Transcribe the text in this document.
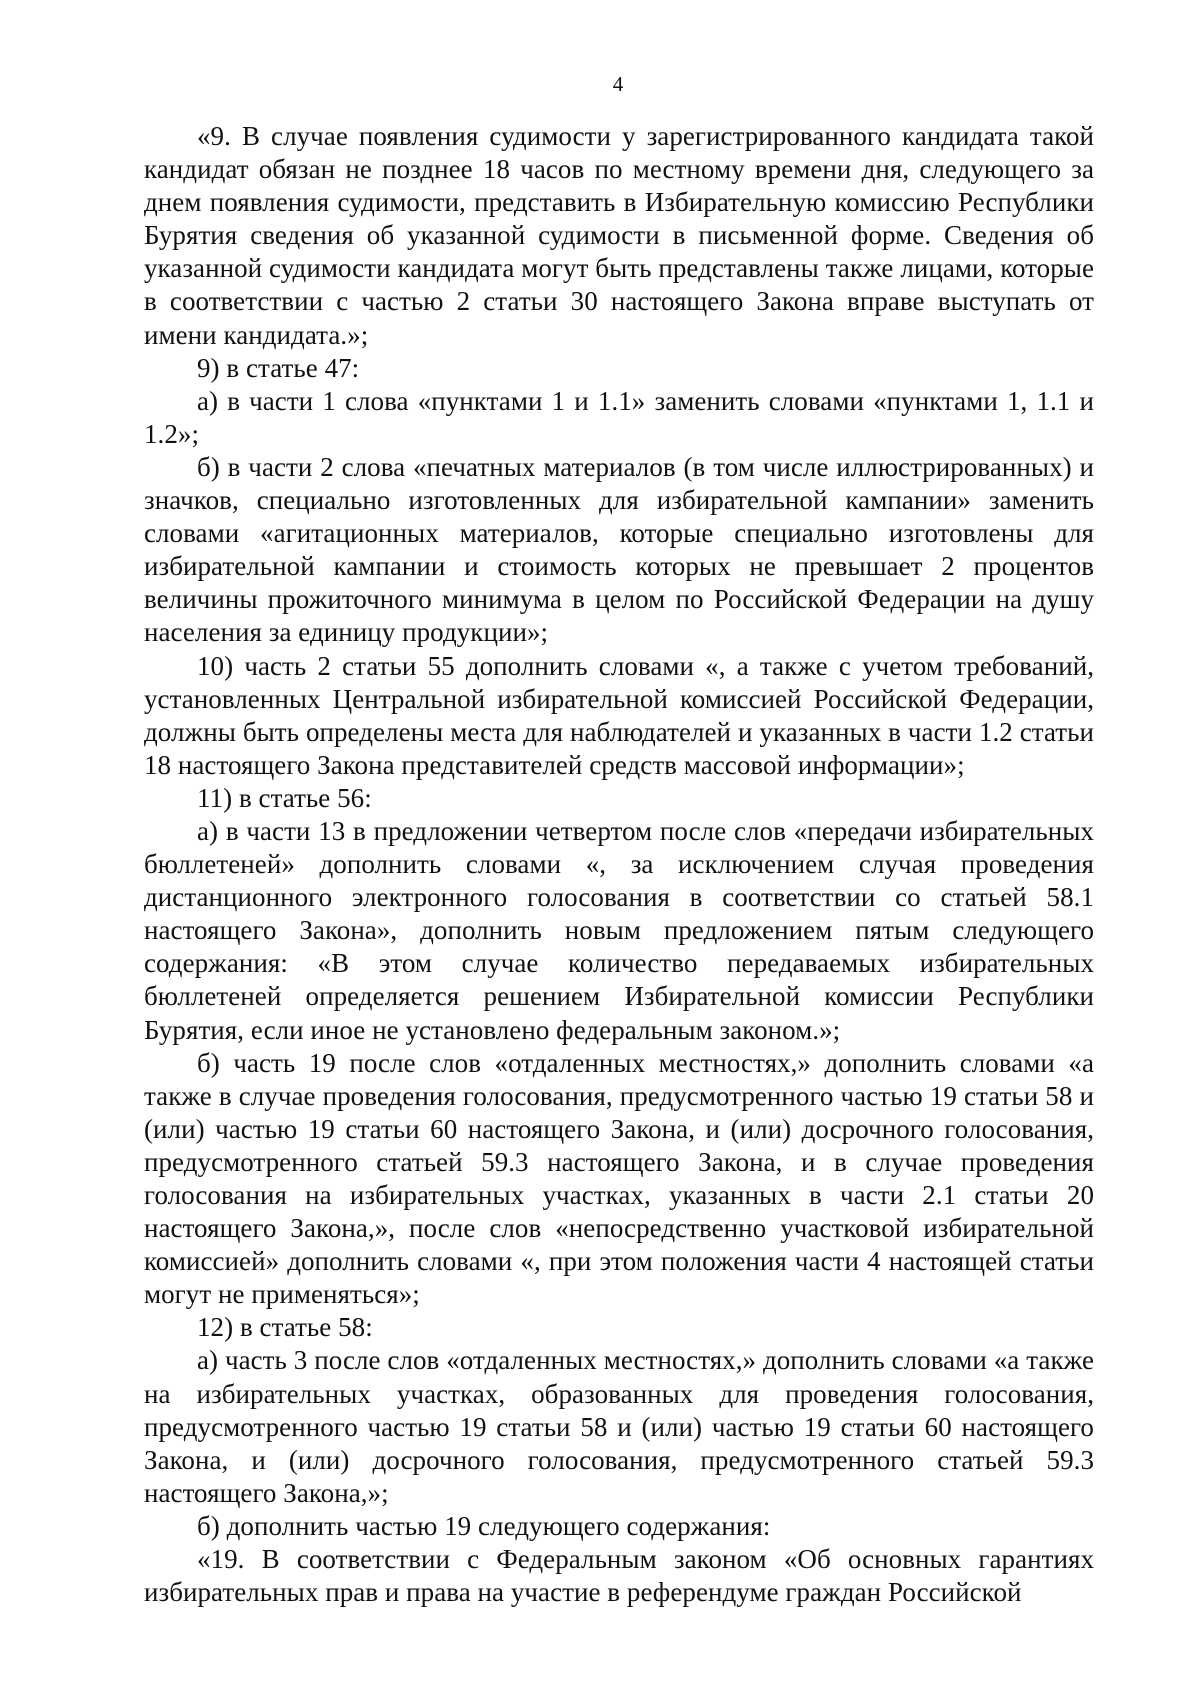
4

«9. В случае появления судимости у зарегистрированного кандидата такой кандидат обязан не позднее 18 часов по местному времени дня, следующего за днем появления судимости, представить в Избирательную комиссию Республики Бурятия сведения об указанной судимости в письменной форме. Сведения об указанной судимости кандидата могут быть представлены также лицами, которые в соответствии с частью 2 статьи 30 настоящего Закона вправе выступать от имени кандидата.»;

9) в статье 47:

а) в части 1 слова «пунктами 1 и 1.1» заменить словами «пунктами 1, 1.1 и 1.2»;

б) в части 2 слова «печатных материалов (в том числе иллюстрированных) и значков, специально изготовленных для избирательной кампании» заменить словами «агитационных материалов, которые специально изготовлены для избирательной кампании и стоимость которых не превышает 2 процентов величины прожиточного минимума в целом по Российской Федерации на душу населения за единицу продукции»;

10) часть 2 статьи 55 дополнить словами «, а также с учетом требований, установленных Центральной избирательной комиссией Российской Федерации, должны быть определены места для наблюдателей и указанных в части 1.2 статьи 18 настоящего Закона представителей средств массовой информации»;

11) в статье 56:

а) в части 13 в предложении четвертом после слов «передачи избирательных бюллетеней» дополнить словами «, за исключением случая проведения дистанционного электронного голосования в соответствии со статьей 58.1 настоящего Закона», дополнить новым предложением пятым следующего содержания: «В этом случае количество передаваемых избирательных бюллетеней определяется решением Избирательной комиссии Республики Бурятия, если иное не установлено федеральным законом.»;

б) часть 19 после слов «отдаленных местностях,» дополнить словами «а также в случае проведения голосования, предусмотренного частью 19 статьи 58 и (или) частью 19 статьи 60 настоящего Закона, и (или) досрочного голосования, предусмотренного статьей 59.3 настоящего Закона, и в случае проведения голосования на избирательных участках, указанных в части 2.1 статьи 20 настоящего Закона,», после слов «непосредственно участковой избирательной комиссией» дополнить словами «, при этом положения части 4 настоящей статьи могут не применяться»;

12) в статье 58:

а) часть 3 после слов «отдаленных местностях,» дополнить словами «а также на избирательных участках, образованных для проведения голосования, предусмотренного частью 19 статьи 58 и (или) частью 19 статьи 60 настоящего Закона, и (или) досрочного голосования, предусмотренного статьей 59.3 настоящего Закона,»;

б) дополнить частью 19 следующего содержания:

«19. В соответствии с Федеральным законом «Об основных гарантиях избирательных прав и права на участие в референдуме граждан Российской
